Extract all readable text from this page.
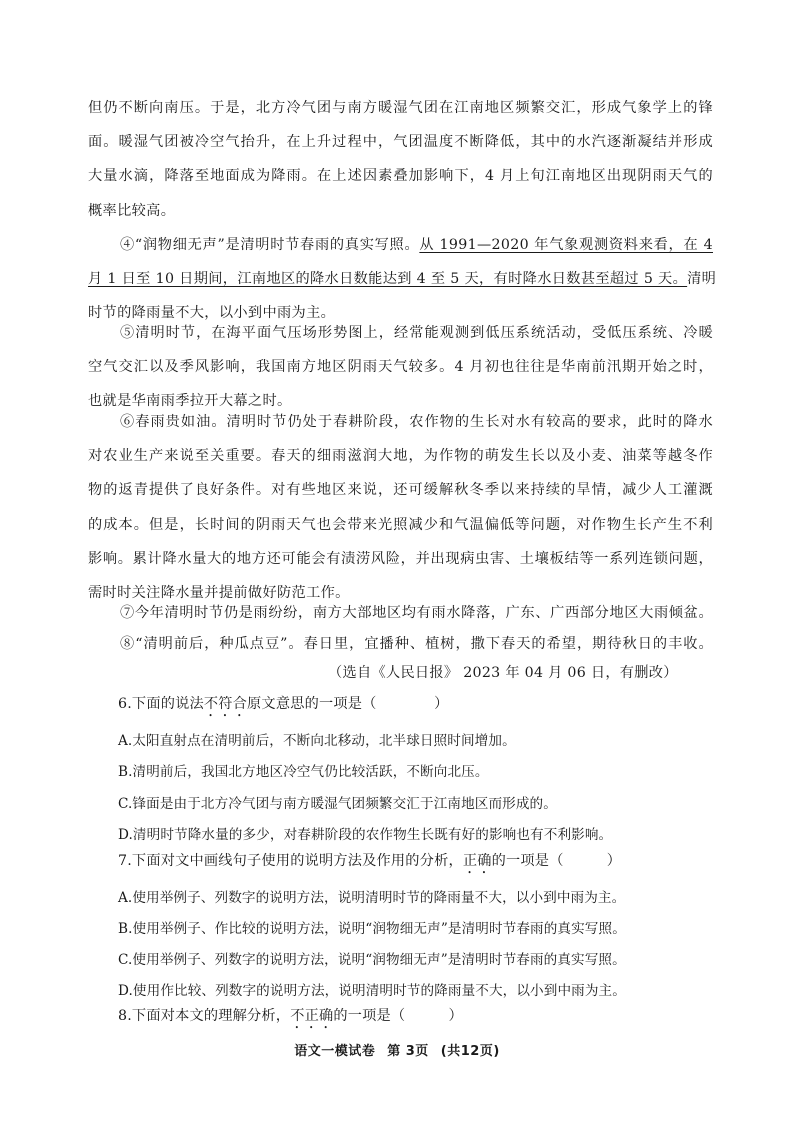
但仍不断向南压。于是，北方冷气团与南方暖湿气团在江南地区频繁交汇，形成气象学上的锋
面。暖湿气团被冷空气抬升，在上升过程中，气团温度不断降低，其中的水汽逐渐凝结并形成
大量水滴，降落至地面成为降雨。在上述因素叠加影响下，4 月上旬江南地区出现阴雨天气的
概率比较高。
④“润物细无声”是清明时节春雨的真实写照。从 1991—2020 年气象观测资料来看，在 4
月 1 日至 10 日期间，江南地区的降水日数能达到 4 至 5 天，有时降水日数甚至超过 5 天。清明
时节的降雨量不大，以小到中雨为主。
⑤清明时节，在海平面气压场形势图上，经常能观测到低压系统活动，受低压系统、冷暖
空气交汇以及季风影响，我国南方地区阴雨天气较多。4 月初也往往是华南前汛期开始之时，
也就是华南雨季拉开大幕之时。
⑥春雨贵如油。清明时节仍处于春耕阶段，农作物的生长对水有较高的要求，此时的降水
对农业生产来说至关重要。春天的细雨滋润大地，为作物的萌发生长以及小麦、油菜等越冬作
物的返青提供了良好条件。对有些地区来说，还可缓解秋冬季以来持续的旱情，减少人工灌溉
的成本。但是，长时间的阴雨天气也会带来光照减少和气温偏低等问题，对作物生长产生不利
影响。累计降水量大的地方还可能会有渍涝风险，并出现病虫害、土壤板结等一系列连锁问题，
需时时关注降水量并提前做好防范工作。
⑦今年清明时节仍是雨纷纷，南方大部地区均有雨水降落，广东、广西部分地区大雨倾盆。
⑧“清明前后，种瓜点豆”。春日里，宜播种、植树，撒下春天的希望，期待秋日的丰收。
（选自《人民日报》 2023 年 04 月 06 日，有删改）
6.下面的说法不符合原文意思的一项是（　　　　）
A.太阳直射点在清明前后，不断向北移动，北半球日照时间增加。
B.清明前后，我国北方地区冷空气仍比较活跃，不断向北压。
C.锋面是由于北方冷气团与南方暖湿气团频繁交汇于江南地区而形成的。
D.清明时节降水量的多少，对春耕阶段的农作物生长既有好的影响也有不利影响。
7.下面对文中画线句子使用的说明方法及作用的分析，正确的一项是（　　　）
A.使用举例子、列数字的说明方法，说明清明时节的降雨量不大，以小到中雨为主。
B.使用举例子、作比较的说明方法，说明“润物细无声”是清明时节春雨的真实写照。
C.使用举例子、列数字的说明方法，说明“润物细无声”是清明时节春雨的真实写照。
D.使用作比较、列数字的说明方法，说明清明时节的降雨量不大，以小到中雨为主。
8.下面对本文的理解分析，不正确的一项是（　　　）
语文一模试卷 第 3页 (共12页)
